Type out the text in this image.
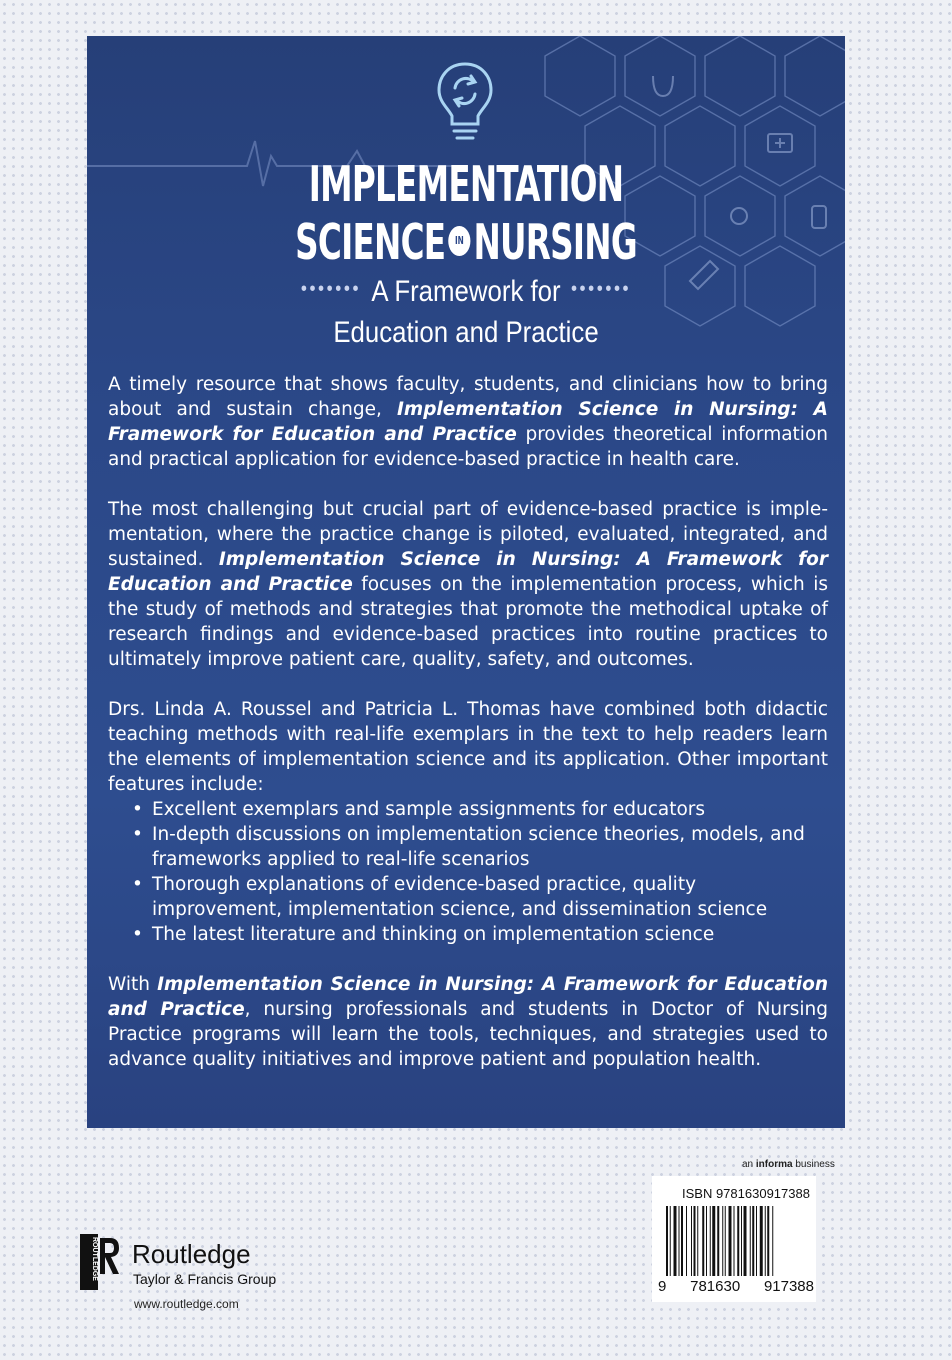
IMPLEMENTATION
SCIENCE IN NURSING
••••••• A Framework for •••••••
Education and Practice

A timely resource that shows faculty, students, and clinicians how to bring about and sustain change, Implementation Science in Nursing: A Framework for Education and Practice provides theoretical information and practical application for evidence-based practice in health care.

The most challenging but crucial part of evidence-based practice is imple-mentation, where the practice change is piloted, evaluated, integrated, and sustained. Implementation Science in Nursing: A Framework for Education and Practice focuses on the implementation process, which is the study of methods and strategies that promote the methodical uptake of research findings and evidence-based practices into routine practices to ultimately improve patient care, quality, safety, and outcomes.

Drs. Linda A. Roussel and Patricia L. Thomas have combined both didactic teaching methods with real-life exemplars in the text to help readers learn the elements of implementation science and its application. Other important features include:

• Excellent exemplars and sample assignments for educators
• In-depth discussions on implementation science theories, models, and frameworks applied to real-life scenarios
• Thorough explanations of evidence-based practice, quality improvement, implementation science, and dissemination science
• The latest literature and thinking on implementation science

With Implementation Science in Nursing: A Framework for Education and Practice, nursing professionals and students in Doctor of Nursing Practice programs will learn the tools, techniques, and strategies used to advance quality initiatives and improve patient and population health.

an informa business
ISBN 9781630917388
9 781630 917388
ROUTLEDGE Routledge
Taylor & Francis Group
www.routledge.com
